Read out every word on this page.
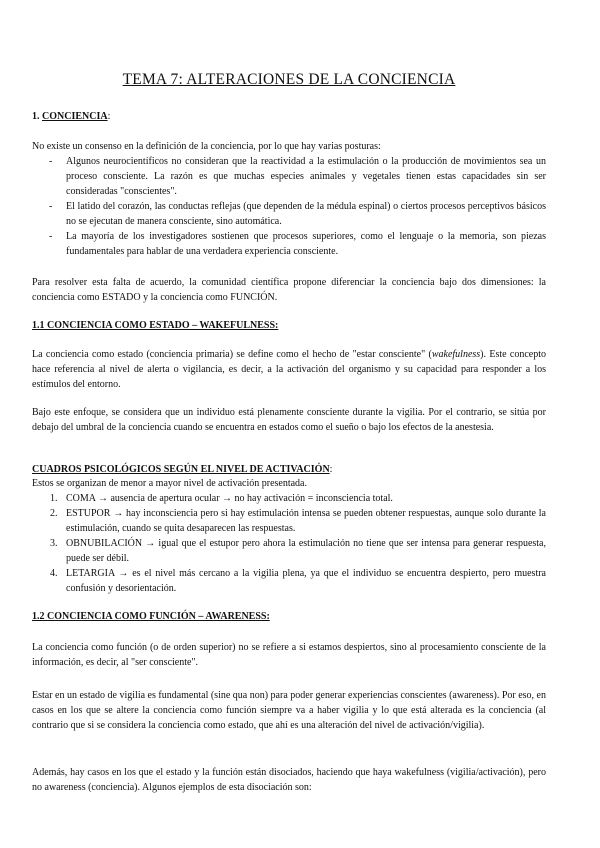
TEMA 7: ALTERACIONES DE LA CONCIENCIA

1. CONCIENCIA:

No existe un consenso en la definición de la conciencia, por lo que hay varias posturas:

- Algunos neurocientíficos no consideran que la reactividad a la estimulación o la producción de movimientos sea un proceso consciente. La razón es que muchas especies animales y vegetales tienen estas capacidades sin ser consideradas "conscientes".
- El latido del corazón, las conductas reflejas (que dependen de la médula espinal) o ciertos procesos perceptivos básicos no se ejecutan de manera consciente, sino automática.
- La mayoría de los investigadores sostienen que procesos superiores, como el lenguaje o la memoria, son piezas fundamentales para hablar de una verdadera experiencia consciente.

Para resolver esta falta de acuerdo, la comunidad científica propone diferenciar la conciencia bajo dos dimensiones: la conciencia como ESTADO y la conciencia como FUNCIÓN.

1.1 CONCIENCIA COMO ESTADO – WAKEFULNESS:

La conciencia como estado (conciencia primaria) se define como el hecho de "estar consciente" (wakefulness). Este concepto hace referencia al nivel de alerta o vigilancia, es decir, a la activación del organismo y su capacidad para responder a los estímulos del entorno.

Bajo este enfoque, se considera que un individuo está plenamente consciente durante la vigilia. Por el contrario, se sitúa por debajo del umbral de la conciencia cuando se encuentra en estados como el sueño o bajo los efectos de la anestesia.

CUADROS PSICOLÓGICOS SEGÚN EL NIVEL DE ACTIVACIÓN:

Estos se organizan de menor a mayor nivel de activación presentada.

1. COMA → ausencia de apertura ocular → no hay activación = inconsciencia total.
2. ESTUPOR → hay inconsciencia pero si hay estimulación intensa se pueden obtener respuestas, aunque solo durante la estimulación, cuando se quita desaparecen las respuestas.
3. OBNUBILACIÓN → igual que el estupor pero ahora la estimulación no tiene que ser intensa para generar respuesta, puede ser débil.
4. LETARGIA → es el nivel más cercano a la vigilia plena, ya que el individuo se encuentra despierto, pero muestra confusión y desorientación.

1.2 CONCIENCIA COMO FUNCIÓN – AWARENESS:

La conciencia como función (o de orden superior) no se refiere a si estamos despiertos, sino al procesamiento consciente de la información, es decir, al "ser consciente".

Estar en un estado de vigilia es fundamental (sine qua non) para poder generar experiencias conscientes (awareness). Por eso, en casos en los que se altere la conciencia como función siempre va a haber vigilia y lo que está alterada es la conciencia (al contrario que si se considera la conciencia como estado, que ahí es una alteración del nivel de activación/vigilia).

Además, hay casos en los que el estado y la función están disociados, haciendo que haya wakefulness (vigilia/activación), pero no awareness (conciencia). Algunos ejemplos de esta disociación son:
